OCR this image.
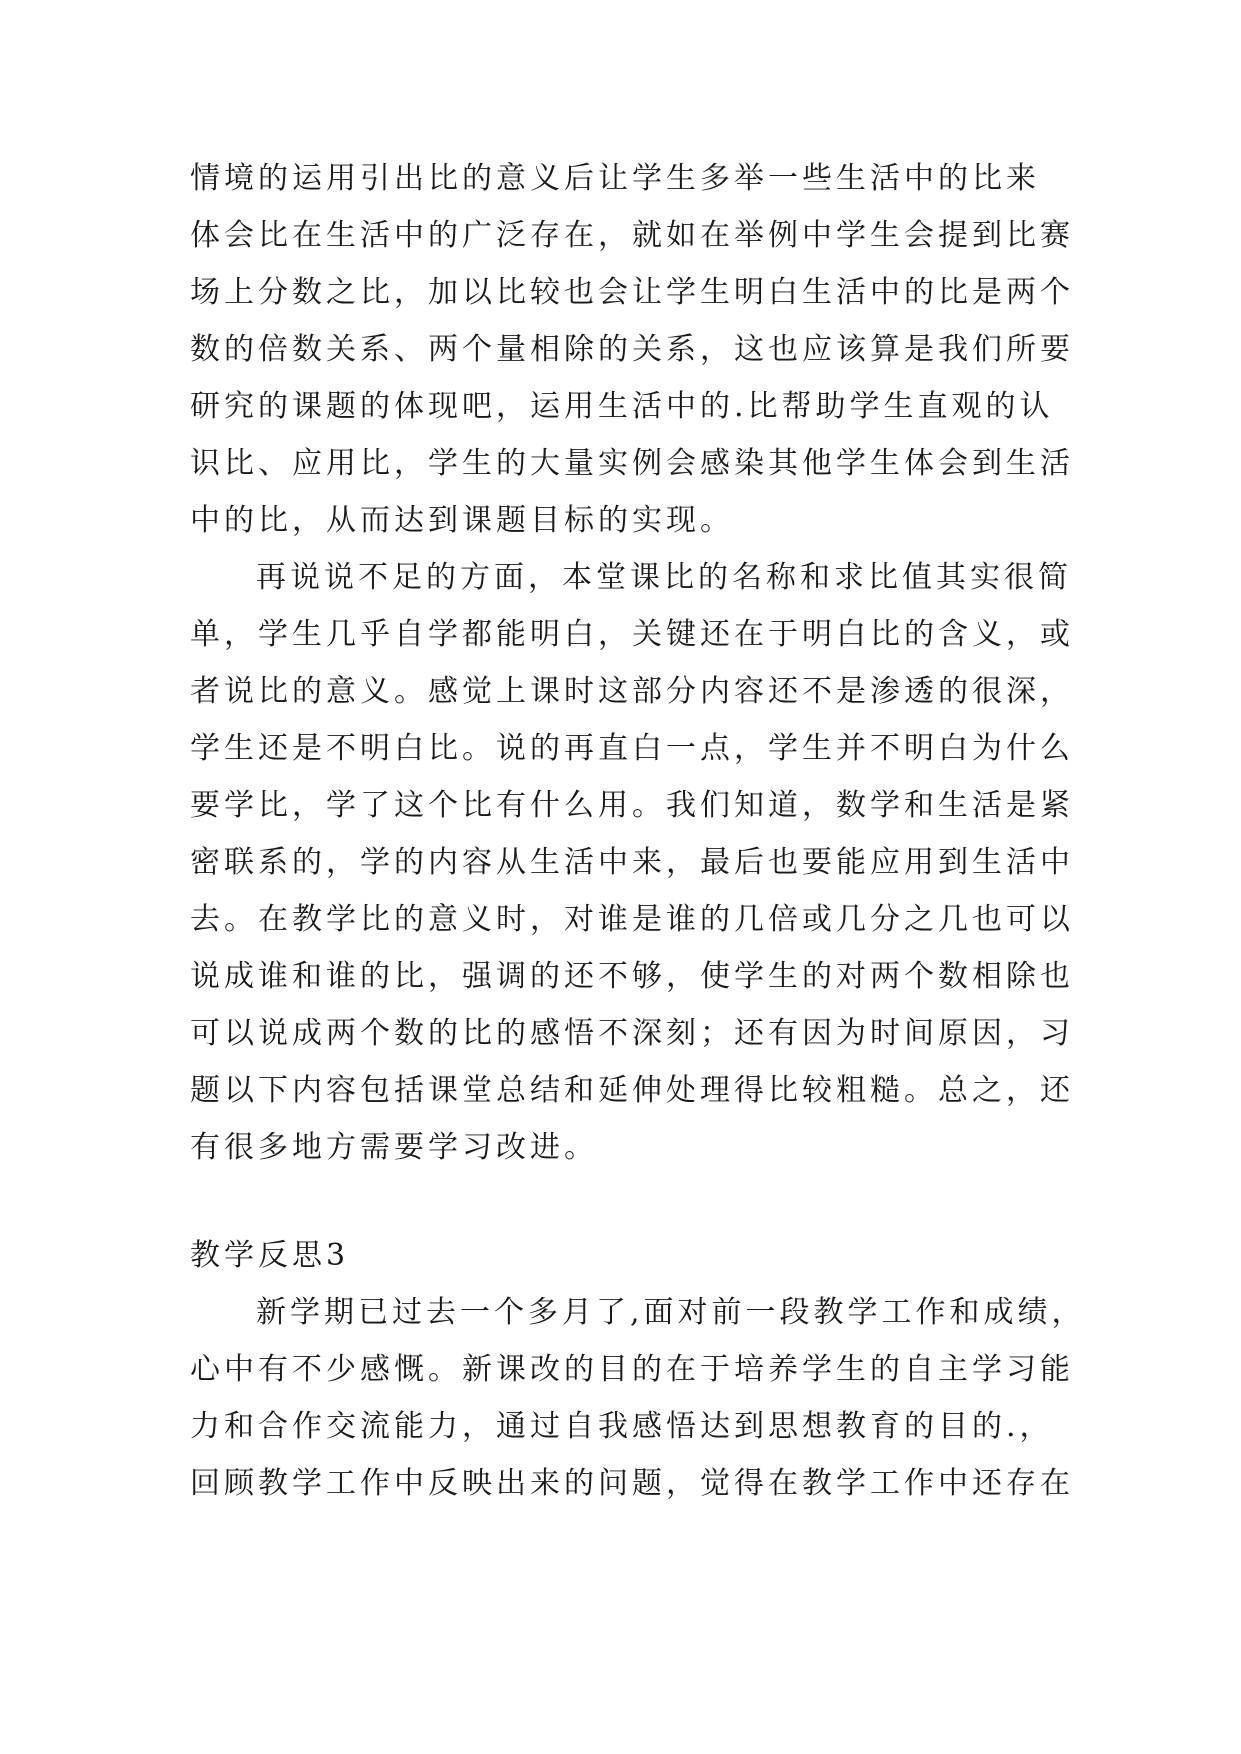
情境的运用引出比的意义后让学生多举一些生活中的比来
体会比在生活中的广泛存在，就如在举例中学生会提到比赛
场上分数之比，加以比较也会让学生明白生活中的比是两个
数的倍数关系、两个量相除的关系，这也应该算是我们所要
研究的课题的体现吧，运用生活中的.比帮助学生直观的认
识比、应用比，学生的大量实例会感染其他学生体会到生活
中的比，从而达到课题目标的实现。
再说说不足的方面，本堂课比的名称和求比值其实很简
单，学生几乎自学都能明白，关键还在于明白比的含义，或
者说比的意义。感觉上课时这部分内容还不是渗透的很深，
学生还是不明白比。说的再直白一点，学生并不明白为什么
要学比，学了这个比有什么用。我们知道，数学和生活是紧
密联系的，学的内容从生活中来，最后也要能应用到生活中
去。在教学比的意义时，对谁是谁的几倍或几分之几也可以
说成谁和谁的比，强调的还不够，使学生的对两个数相除也
可以说成两个数的比的感悟不深刻；还有因为时间原因，习
题以下内容包括课堂总结和延伸处理得比较粗糙。总之，还
有很多地方需要学习改进。
教学反思3
新学期已过去一个多月了,面对前一段教学工作和成绩，
心中有不少感慨。新课改的目的在于培养学生的自主学习能
力和合作交流能力，通过自我感悟达到思想教育的目的.，
回顾教学工作中反映出来的问题，觉得在教学工作中还存在
